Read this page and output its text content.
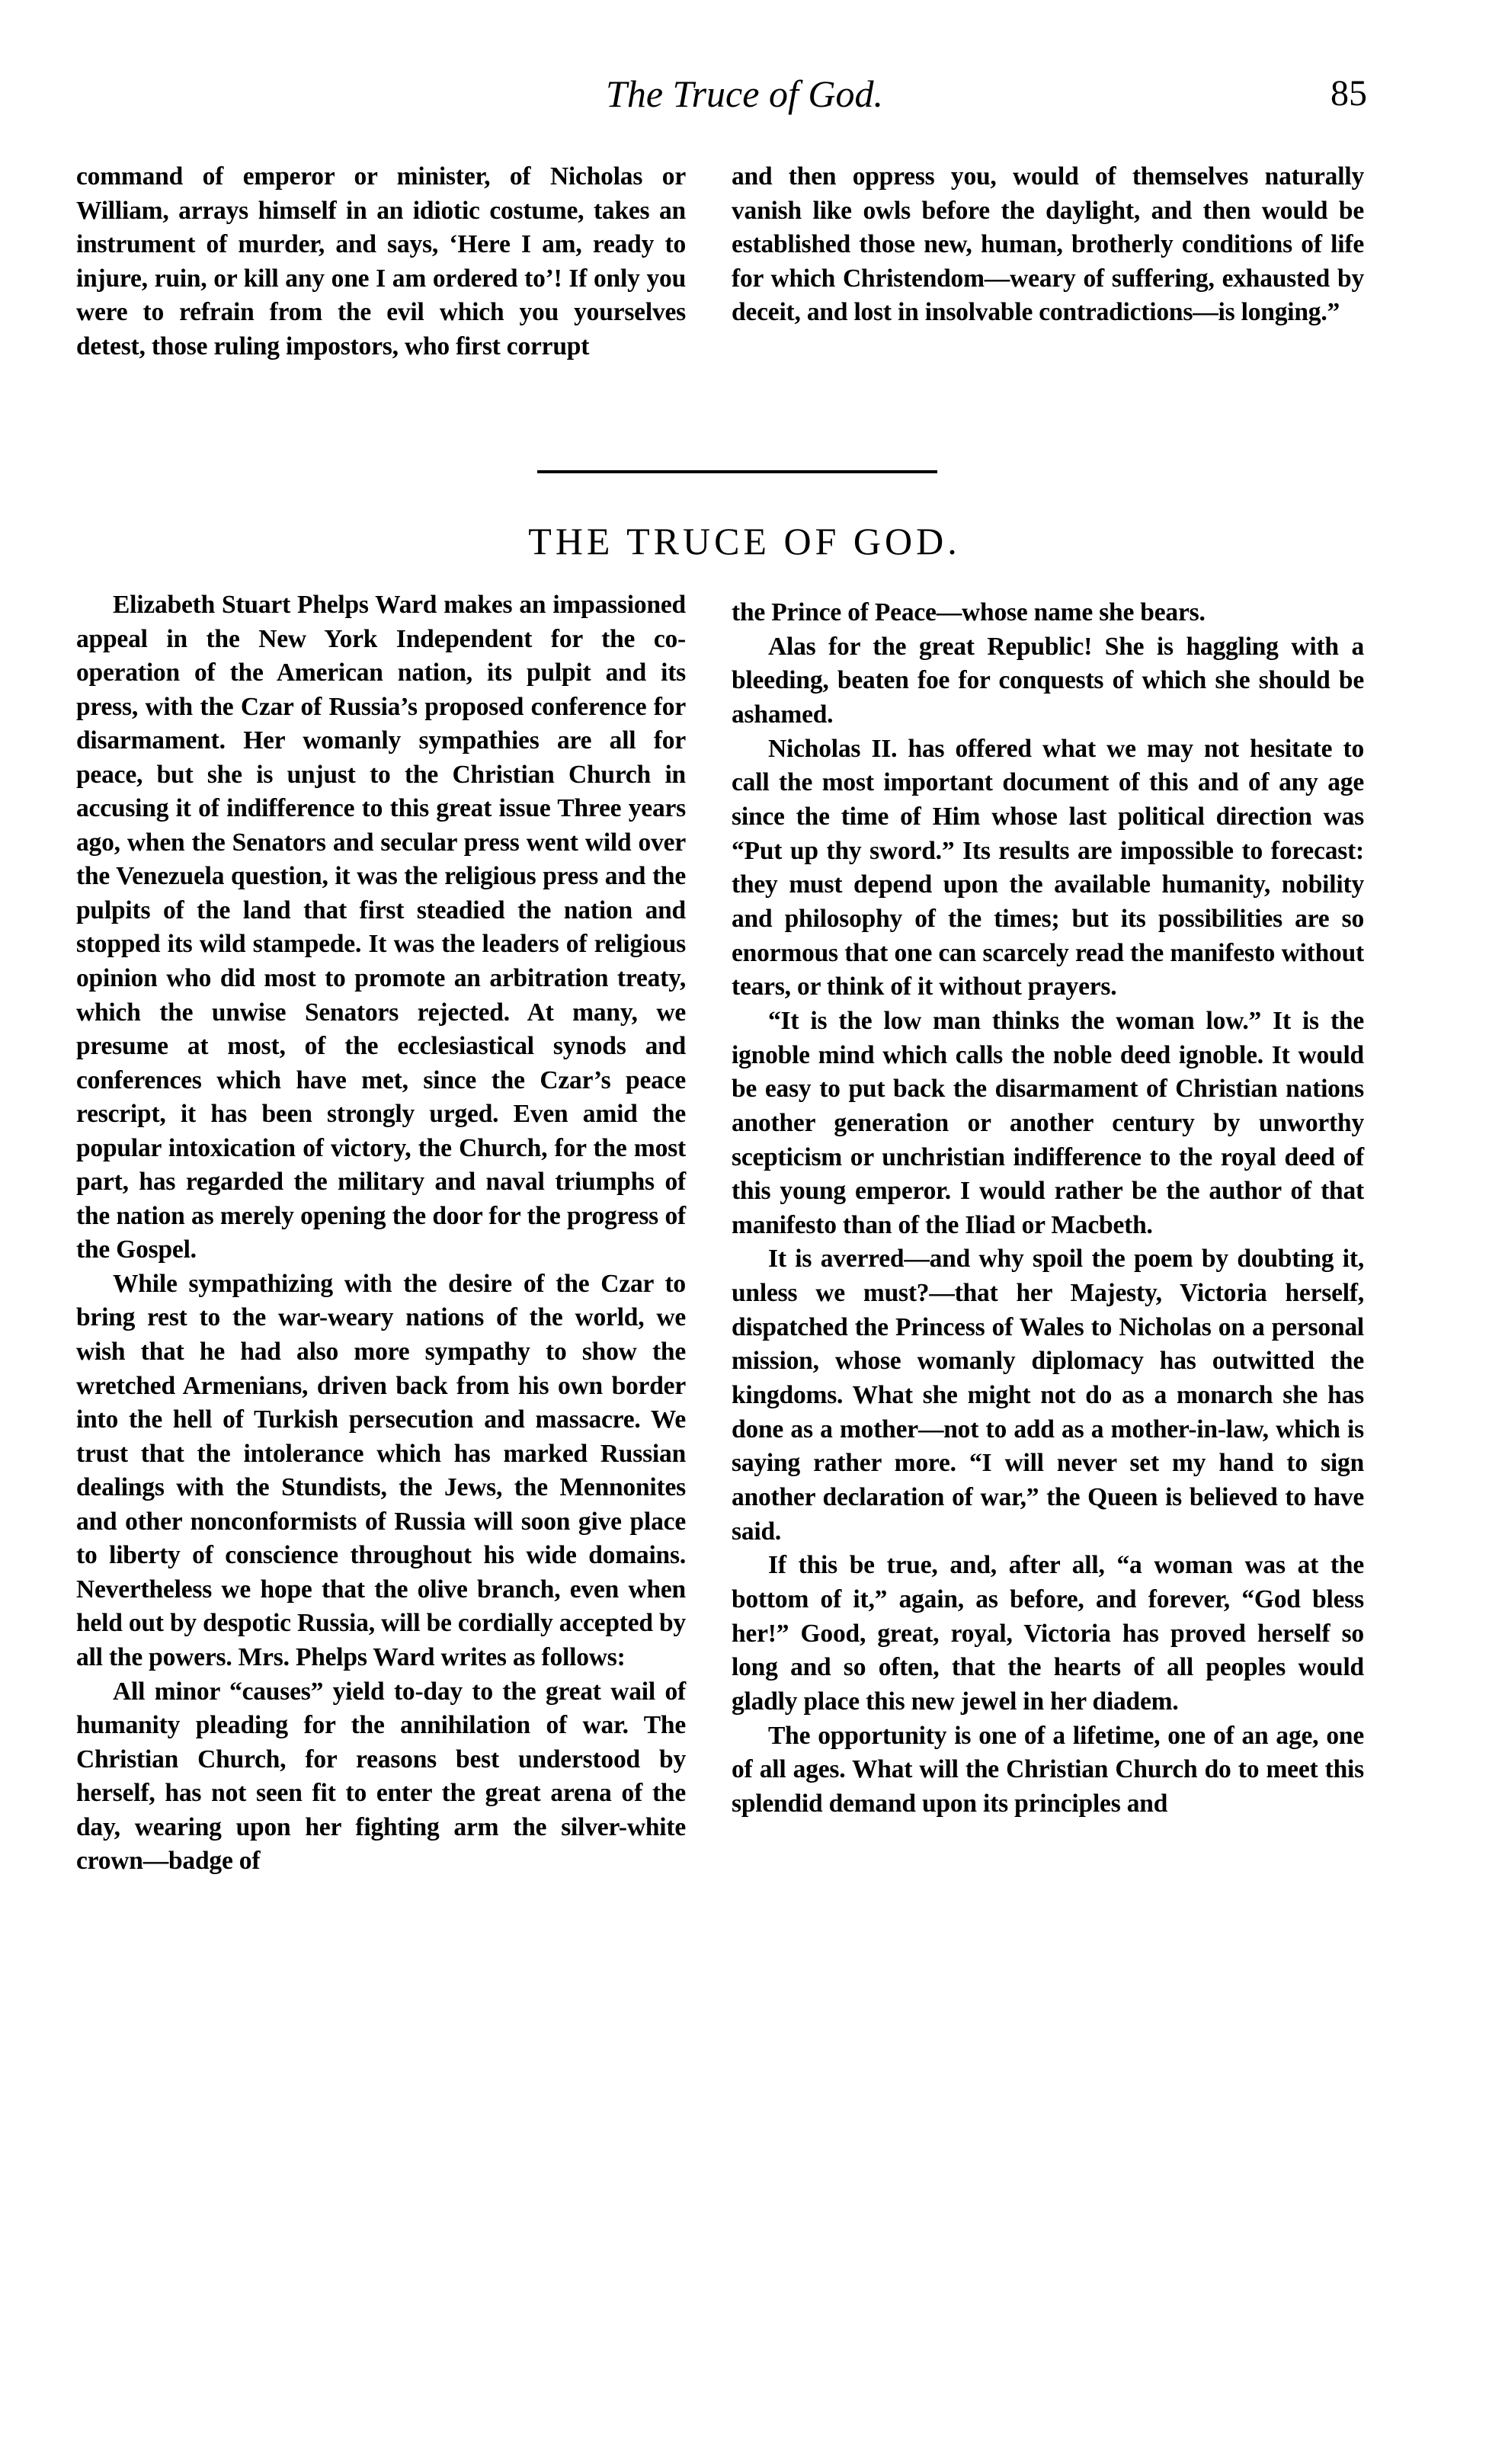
The Truce of God.	85

command of emperor or minister, of Nicholas or William, arrays himself in an idiotic costume, takes an instrument of murder, and says, ‘Here I am, ready to injure, ruin, or kill any one I am ordered to’! If only you were to refrain from the evil which you yourselves detest, those ruling impostors, who first corrupt

and then oppress you, would of themselves naturally vanish like owls before the daylight, and then would be established those new, human, brotherly conditions of life for which Christendom—weary of suffering, exhausted by deceit, and lost in insolvable contradictions—is longing.”

THE TRUCE OF GOD.

Elizabeth Stuart Phelps Ward makes an impassioned appeal in the New York Independent for the co-operation of the American nation, its pulpit and its press, with the Czar of Russia’s proposed conference for disarmament. Her womanly sympathies are all for peace, but she is unjust to the Christian Church in accusing it of indifference to this great issue Three years ago, when the Senators and secular press went wild over the Venezuela question, it was the religious press and the pulpits of the land that first steadied the nation and stopped its wild stampede. It was the leaders of religious opinion who did most to promote an arbitration treaty, which the unwise Senators rejected. At many, we presume at most, of the ecclesiastical synods and conferences which have met, since the Czar’s peace rescript, it has been strongly urged. Even amid the popular intoxication of victory, the Church, for the most part, has regarded the military and naval triumphs of the nation as merely opening the door for the progress of the Gospel.

While sympathizing with the desire of the Czar to bring rest to the war-weary nations of the world, we wish that he had also more sympathy to show the wretched Armenians, driven back from his own border into the hell of Turkish persecution and massacre. We trust that the intolerance which has marked Russian dealings with the Stundists, the Jews, the Mennonites and other nonconformists of Russia will soon give place to liberty of conscience throughout his wide domains. Nevertheless we hope that the olive branch, even when held out by despotic Russia, will be cordially accepted by all the powers. Mrs. Phelps Ward writes as follows:

All minor “causes” yield to-day to the great wail of humanity pleading for the annihilation of war. The Christian Church, for reasons best understood by herself, has not seen fit to enter the great arena of the day, wearing upon her fighting arm the silver-white crown—badge of

the Prince of Peace—whose name she bears.

Alas for the great Republic! She is haggling with a bleeding, beaten foe for conquests of which she should be ashamed.

Nicholas II. has offered what we may not hesitate to call the most important document of this and of any age since the time of Him whose last political direction was “Put up thy sword.” Its results are impossible to forecast: they must depend upon the available humanity, nobility and philosophy of the times; but its possibilities are so enormous that one can scarcely read the manifesto without tears, or think of it without prayers.

“It is the low man thinks the woman low.” It is the ignoble mind which calls the noble deed ignoble. It would be easy to put back the disarmament of Christian nations another generation or another century by unworthy scepticism or unchristian indifference to the royal deed of this young emperor. I would rather be the author of that manifesto than of the Iliad or Macbeth.

It is averred—and why spoil the poem by doubting it, unless we must?—that her Majesty, Victoria herself, dispatched the Princess of Wales to Nicholas on a personal mission, whose womanly diplomacy has outwitted the kingdoms. What she might not do as a monarch she has done as a mother—not to add as a mother-in-law, which is saying rather more. “I will never set my hand to sign another declaration of war,” the Queen is believed to have said.

If this be true, and, after all, “a woman was at the bottom of it,” again, as before, and forever, “God bless her!” Good, great, royal, Victoria has proved herself so long and so often, that the hearts of all peoples would gladly place this new jewel in her diadem.

The opportunity is one of a lifetime, one of an age, one of all ages. What will the Christian Church do to meet this splendid demand upon its principles and
